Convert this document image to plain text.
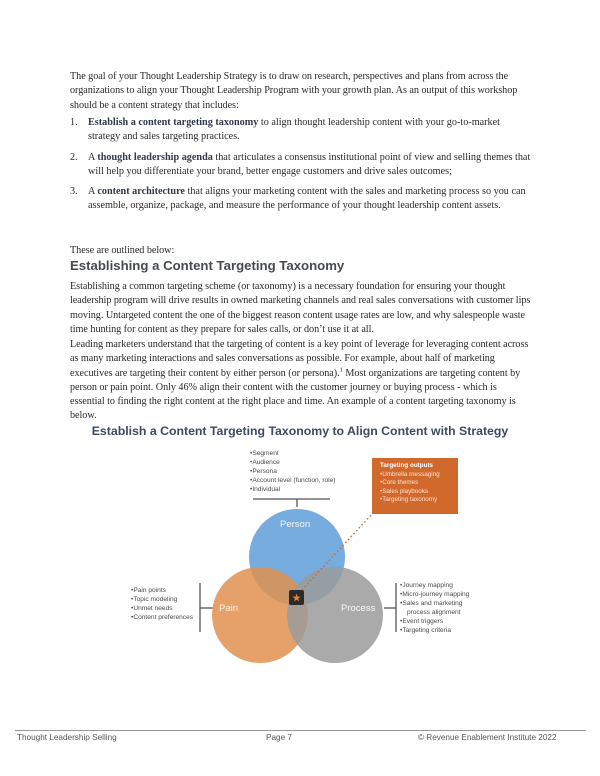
The goal of your Thought Leadership Strategy is to draw on research, perspectives and plans from across the organizations to align your Thought Leadership Program with your growth plan. As an output of this workshop should be a content strategy that includes:

1.	Establish a content targeting taxonomy to align thought leadership content with your go-to-market strategy and sales targeting practices.
2.	A thought leadership agenda that articulates a consensus institutional point of view and selling themes that will help you differentiate your brand, better engage customers and drive sales outcomes;
3.	A content architecture that aligns your marketing content with the sales and marketing process so you can assemble, organize, package, and measure the performance of your thought leadership content assets.

These are outlined below:

Establishing a Content Targeting Taxonomy

Establishing a common targeting scheme (or taxonomy) is a necessary foundation for ensuring your thought leadership program will drive results in owned marketing channels and real sales conversations with customer lips moving. Untargeted content the one of the biggest reason content usage rates are low, and why salespeople waste time hunting for content as they prepare for sales calls, or don’t use it at all.

Leading marketers understand that the targeting of content is a key point of leverage for leveraging content across as many marketing interactions and sales conversations as possible. For example, about half of marketing executives are targeting their content by either person (or persona).$^1$ Most organizations are targeting content by person or pain point. Only 46% align their content with the customer journey or buying process - which is essential to finding the right content at the right place and time. An example of a content targeting taxonomy is below.

Establish a Content Targeting Taxonomy to Align Content with Strategy
★
Person
Pain	Process
• Segment
• Audience
• Persona
• Account level (function, role)
• Individual
• Pain points
• Topic modeling
• Unmet needs
• Content preferences
• Journey mapping
• Micro-journey mapping
• Sales and marketing
process alignment
• Event triggers
• Targeting criteria
Targeting outputs
• Umbrella messaging
• Core themes
• Sales playbooks
• Targeting taxonomy
Thought Leadership Selling	Page 7	© Revenue Enablement Institute 2022
